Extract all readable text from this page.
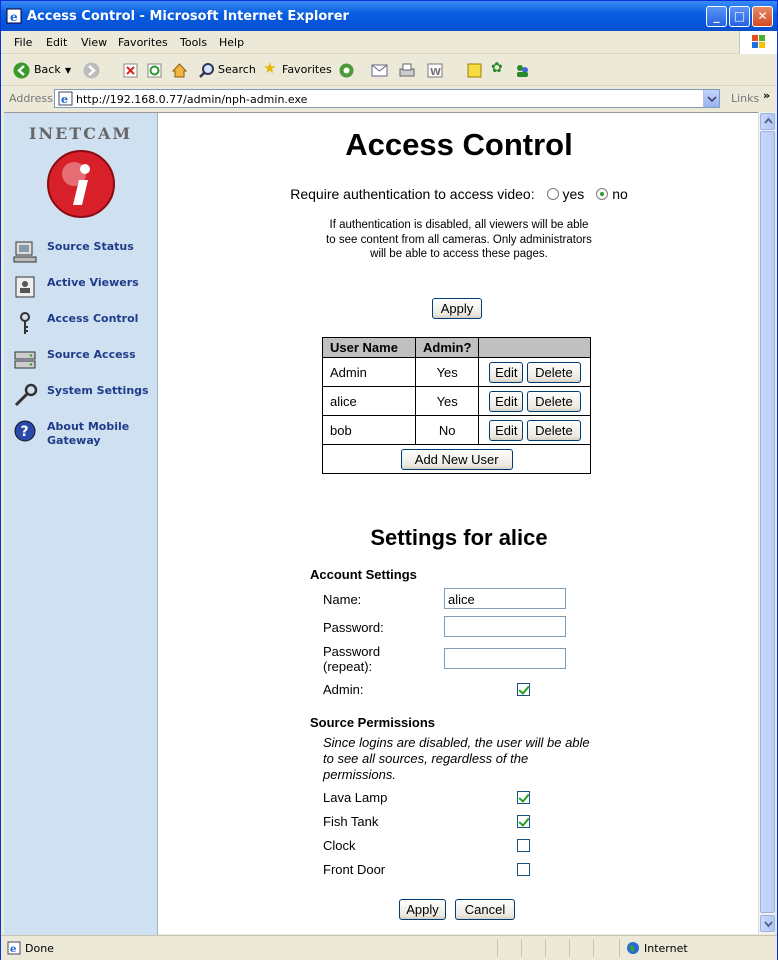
e Access Control - Microsoft Internet Explorer	_	□	✕
File Edit View Favorites Tools Help
Back ▼	Search ★ Favorites	W	✿
Address e http://192.168.0.77/admin/nph-admin.exe	Links »
INETCAM
Source Status
Active Viewers
Access Control
Source Access
System Settings
? About Mobile Gateway
Access Control
Require authentication to access video: yes no
If authentication is disabled, all viewers will be able to see content from all cameras. Only administrators will be able to access these pages.
Apply
User Name	Admin?	
Admin	Yes	Edit Delete
alice	Yes	Edit Delete
bob	No	Edit Delete
Add New User		
Settings for alice
Account Settings
Name:	alice
Password:
Password (repeat):
Admin:
Source Permissions
Since logins are disabled, the user will be able to see all sources, regardless of the permissions.
Lava Lamp
Fish Tank
Clock
Front Door
Apply	Cancel
e Done	Internet
